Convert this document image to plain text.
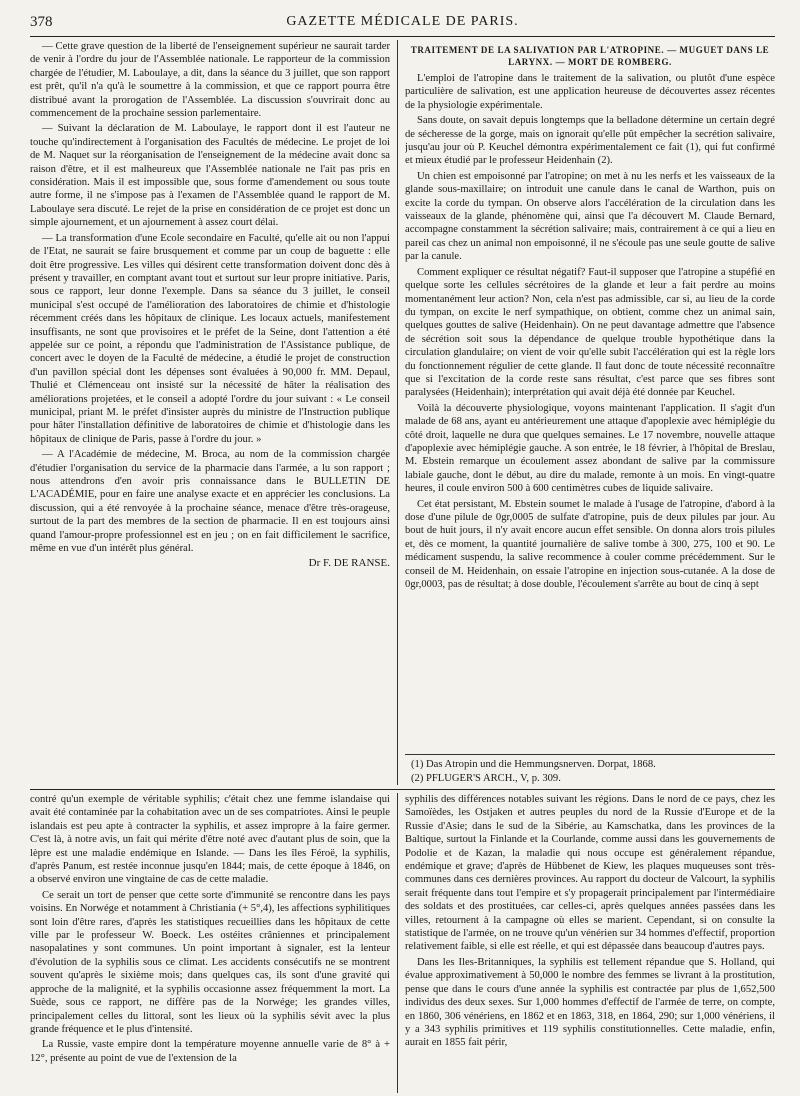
378	GAZETTE MÉDICALE DE PARIS.

— Cette grave question de la liberté de l'enseignement supérieur ne saurait tarder de venir à l'ordre du jour de l'Assemblée nationale. Le rapporteur de la commission chargée de l'étudier, M. Laboulaye, a dit, dans la séance du 3 juillet, que son rapport est prêt, qu'il n'a qu'à le soumettre à la commission, et que ce rapport pourra être distribué avant la prorogation de l'Assemblée. La discussion s'ouvrirait donc au commencement de la prochaine session parlementaire.

— Suivant la déclaration de M. Laboulaye, le rapport dont il est l'auteur ne touche qu'indirectement à l'organisation des Facultés de médecine. Le projet de loi de M. Naquet sur la réorganisation de l'enseignement de la médecine avait donc sa raison d'être, et il est malheureux que l'Assemblée nationale ne l'ait pas pris en considération. Mais il est impossible que, sous forme d'amendement ou sous toute autre forme, il ne s'impose pas à l'examen de l'Assemblée quand le rapport de M. Laboulaye sera discuté. Le rejet de la prise en considération de ce projet est donc un simple ajournement, et un ajournement à assez court délai.

— La transformation d'une Ecole secondaire en Faculté, qu'elle ait ou non l'appui de l'Etat, ne saurait se faire brusquement et comme par un coup de baguette : elle doit être progressive. Les villes qui désirent cette transformation doivent donc dès à présent y travailler, en comptant avant tout et surtout sur leur propre initiative. Paris, sous ce rapport, leur donne l'exemple. Dans sa séance du 3 juillet, le conseil municipal s'est occupé de l'amélioration des laboratoires de chimie et d'histologie récemment créés dans les hôpitaux de clinique. Les locaux actuels, manifestement insuffisants, ne sont que provisoires et le préfet de la Seine, dont l'attention a été appelée sur ce point, a répondu que l'administration de l'Assistance publique, de concert avec le doyen de la Faculté de médecine, a étudié le projet de construction d'un pavillon spécial dont les dépenses sont évaluées à 90,000 fr. MM. Depaul, Thulié et Clémenceau ont insisté sur la nécessité de hâter la réalisation des améliorations projetées, et le conseil a adopté l'ordre du jour suivant : « Le conseil municipal, priant M. le préfet d'insister auprès du ministre de l'Instruction publique pour hâter l'installation définitive de laboratoires de chimie et d'histologie dans les hôpitaux de clinique de Paris, passe à l'ordre du jour. »

— A l'Académie de médecine, M. Broca, au nom de la commission chargée d'étudier l'organisation du service de la pharmacie dans l'armée, a lu son rapport ; nous attendrons d'en avoir pris connaissance dans le BULLETIN DE L'ACADÉMIE, pour en faire une analyse exacte et en apprécier les conclusions. La discussion, qui a été renvoyée à la prochaine séance, menace d'être très-orageuse, surtout de la part des membres de la section de pharmacie. Il en est toujours ainsi quand l'amour-propre professionnel est en jeu ; on en fait difficilement le sacrifice, même en vue d'un intérêt plus général.

Dr F. DE RANSE.
TRAITEMENT DE LA SALIVATION PAR L'ATROPINE. — MUGUET DANS LE
LARYNX. — MORT DE ROMBERG.

L'emploi de l'atropine dans le traitement de la salivation, ou plutôt d'une espèce particulière de salivation, est une application heureuse de découvertes assez récentes de la physiologie expérimentale.

Sans doute, on savait depuis longtemps que la belladone détermine un certain degré de sécheresse de la gorge, mais on ignorait qu'elle pût empêcher la secrétion salivaire, jusqu'au jour où P. Keuchel démontra expérimentalement ce fait (1), qui fut confirmé et mieux étudié par le professeur Heidenhain (2).

Un chien est empoisonné par l'atropine; on met à nu les nerfs et les vaisseaux de la glande sous-maxillaire; on introduit une canule dans le canal de Warthon, puis on excite la corde du tympan. On observe alors l'accélération de la circulation dans les vaisseaux de la glande, phénomène qui, ainsi que l'a découvert M. Claude Bernard, accompagne constamment la sécrétion salivaire; mais, contrairement à ce qui a lieu en pareil cas chez un animal non empoisonné, il ne s'écoule pas une seule goutte de salive par la canule.

Comment expliquer ce résultat négatif? Faut-il supposer que l'atropine a stupéfié en quelque sorte les cellules sécrétoires de la glande et leur a fait perdre au moins momentanément leur action? Non, cela n'est pas admissible, car si, au lieu de la corde du tympan, on excite le nerf sympathique, on obtient, comme chez un animal sain, quelques gouttes de salive (Heidenhain). On ne peut davantage admettre que l'absence de sécrétion soit sous la dépendance de quelque trouble hypothétique dans la circulation glandulaire; on vient de voir qu'elle subit l'accélération qui est la règle lors du fonctionnement régulier de cette glande. Il faut donc de toute nécessité reconnaître que si l'excitation de la corde reste sans résultat, c'est parce que ses fibres sont paralysées (Heidenhain); interprétation qui avait déjà été donnée par Keuchel.

Voilà la découverte physiologique, voyons maintenant l'application. Il s'agit d'un malade de 68 ans, ayant eu antérieurement une attaque d'apoplexie avec hémiplégie du côté droit, laquelle ne dura que quelques semaines. Le 17 novembre, nouvelle attaque d'apoplexie avec hémiplégie gauche. A son entrée, le 18 février, à l'hôpital de Breslau, M. Ebstein remarque un écoulement assez abondant de salive par la commissure labiale gauche, dont le début, au dire du malade, remonte à un mois. En vingt-quatre heures, il coule environ 500 à 600 centimètres cubes de liquide salivaire.

Cet état persistant, M. Ebstein soumet le malade à l'usage de l'atropine, d'abord à la dose d'une pilule de 0gr,0005 de sulfate d'atropine, puis de deux pilules par jour. Au bout de huit jours, il n'y avait encore aucun effet sensible. On donna alors trois pilules et, dès ce moment, la quantité journalière de salive tombe à 300, 275, 100 et 90. Le médicament suspendu, la salive recommence à couler comme précédemment. Sur le conseil de M. Heidenhain, on essaie l'atropine en injection sous-cutanée. A la dose de 0gr,0003, pas de résultat; à dose double, l'écoulement s'arrête au bout de cinq à sept

(1) Das Atropin und die Hemmungsnerven. Dorpat, 1868.
(2) PFLUGER'S ARCH., V, p. 309.

contré qu'un exemple de véritable syphilis; c'était chez une femme islandaise qui avait été contaminée par la cohabitation avec un de ses compatriotes. Ainsi le peuple islandais est peu apte à contracter la syphilis, et assez impropre à la faire germer. C'est là, à notre avis, un fait qui mérite d'être noté avec d'autant plus de soin, que la lèpre est une maladie endémique en Islande. — Dans les îles Féroë, la syphilis, d'après Panum, est restée inconnue jusqu'en 1844; mais, de cette époque à 1846, on a observé environ une vingtaine de cas de cette maladie.

Ce serait un tort de penser que cette sorte d'immunité se rencontre dans les pays voisins. En Norwége et notamment à Christiania (+ 5°,4), les affections syphilitiques sont loin d'être rares, d'après les statistiques recueillies dans les hôpitaux de cette ville par le professeur W. Boeck. Les ostéites crâniennes et principalement nasopalatines y sont communes. Un point important à signaler, est la lenteur d'évolution de la syphilis sous ce climat. Les accidents consécutifs ne se montrent souvent qu'après le sixième mois; dans quelques cas, ils sont d'une gravité qui approche de la malignité, et la syphilis occasionne assez fréquemment la mort. La Suède, sous ce rapport, ne diffère pas de la Norwége; les grandes villes, principalement celles du littoral, sont les lieux où la syphilis sévit avec la plus grande fréquence et le plus d'intensité.

La Russie, vaste empire dont la température moyenne annuelle varie de 8° à + 12°, présente au point de vue de l'extension de la

syphilis des différences notables suivant les régions. Dans le nord de ce pays, chez les Samoïèdes, les Ostjaken et autres peuples du nord de la Russie d'Europe et de la Russie d'Asie; dans le sud de la Sibérie, au Kamschatka, dans les provinces de la Baltique, surtout la Finlande et la Courlande, comme aussi dans les gouvernements de Podolie et de Kazan, la maladie qui nous occupe est généralement répandue, endémique et grave; d'après de Hübbenet de Kiew, les plaques muqueuses sont très-communes dans ces dernières provinces. Au rapport du docteur de Valcourt, la syphilis serait fréquente dans tout l'empire et s'y propagerait principalement par l'intermédiaire des soldats et des prostituées, car celles-ci, après quelques années passées dans les villes, retournent à la campagne où elles se marient. Cependant, si on consulte la statistique de l'armée, on ne trouve qu'un vénérien sur 34 hommes d'effectif, proportion relativement faible, si elle est réelle, et qui est dépassée dans beaucoup d'autres pays.

Dans les Iles-Britanniques, la syphilis est tellement répandue que S. Holland, qui évalue approximativement à 50,000 le nombre des femmes se livrant à la prostitution, pense que dans le cours d'une année la syphilis est contractée par plus de 1,652,500 individus des deux sexes. Sur 1,000 hommes d'effectif de l'armée de terre, on compte, en 1860, 306 vénériens, en 1862 et en 1863, 318, en 1864, 290; sur 1,000 vénériens, il y a 343 syphilis primitives et 119 syphilis constitutionnelles. Cette maladie, enfin, aurait en 1855 fait périr,
